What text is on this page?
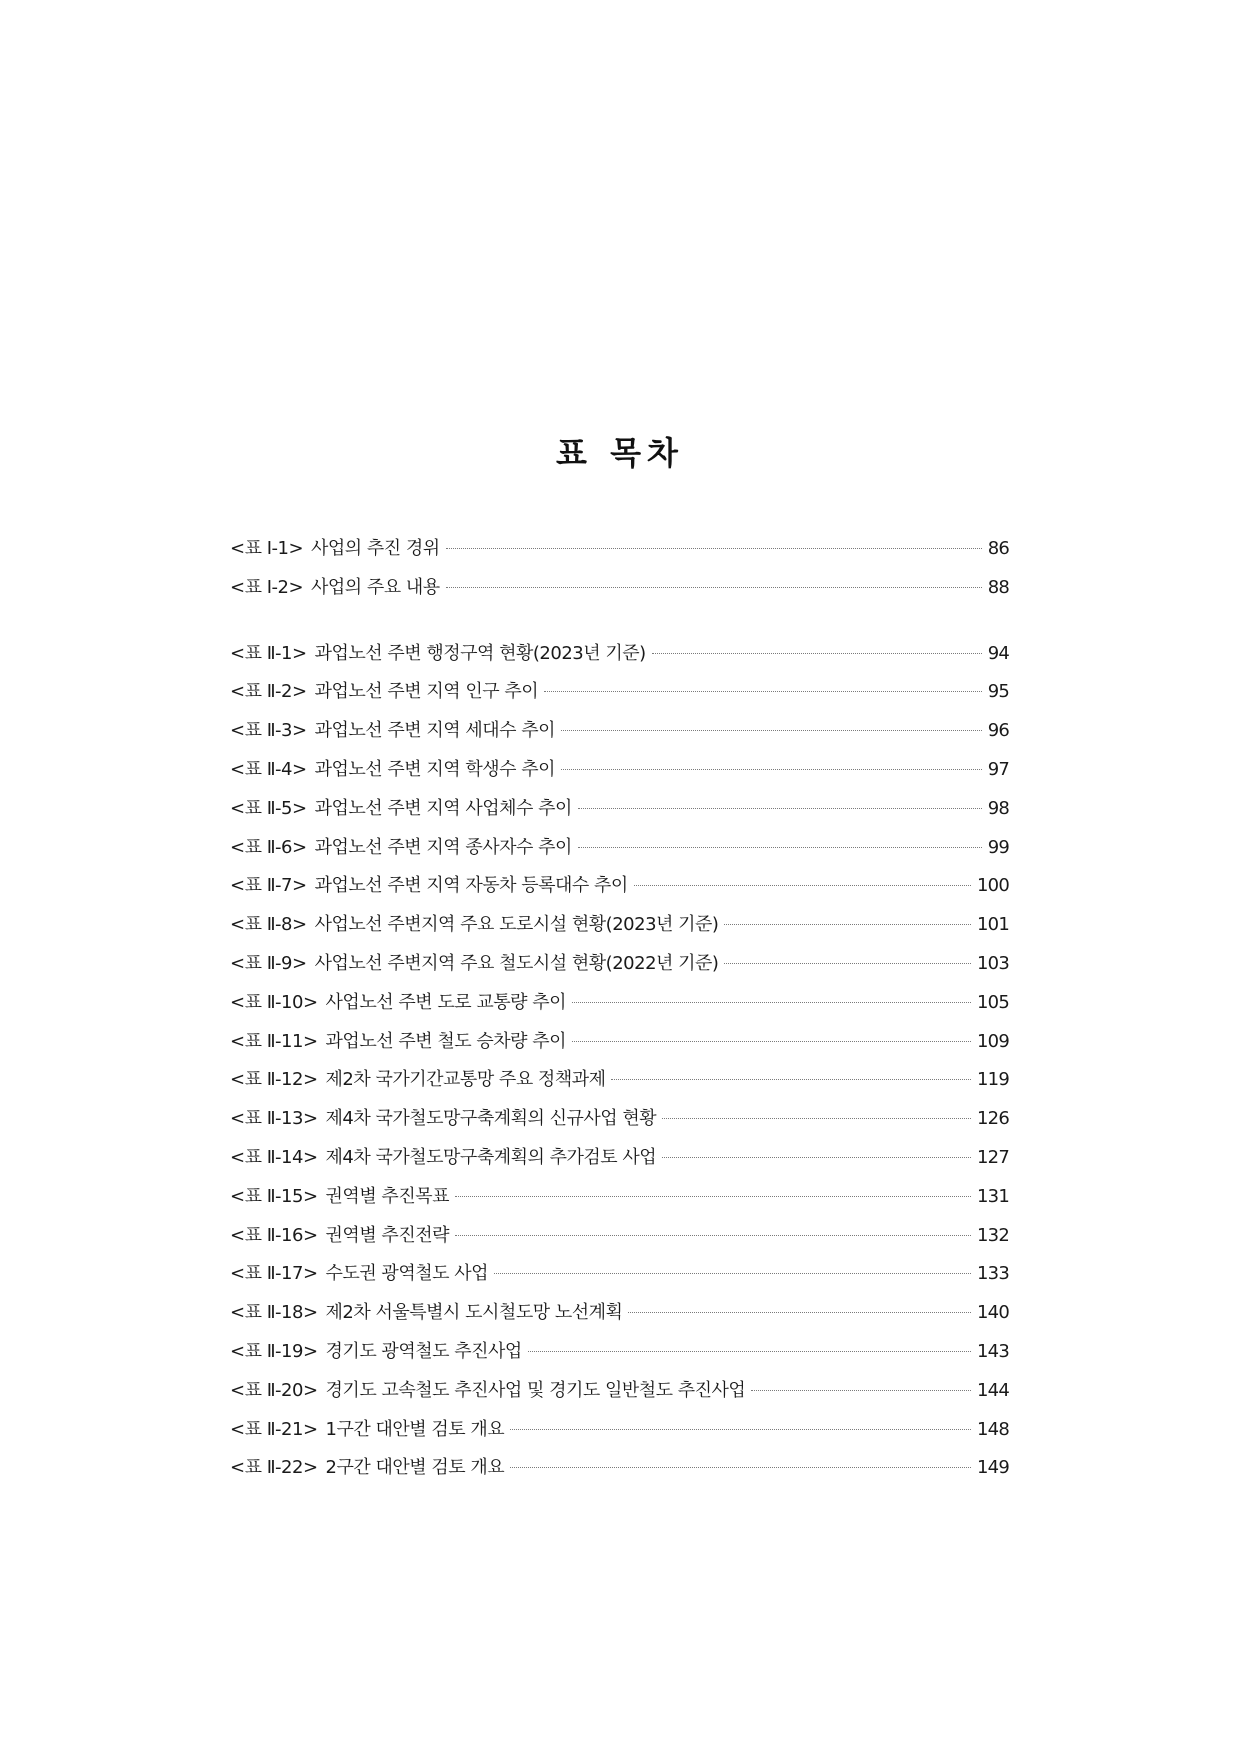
표 목차
<표 Ⅰ-1> 사업의 추진 경위	86
<표 Ⅰ-2> 사업의 주요 내용	88
<표 Ⅱ-1> 과업노선 주변 행정구역 현황(2023년 기준)	94
<표 Ⅱ-2> 과업노선 주변 지역 인구 추이	95
<표 Ⅱ-3> 과업노선 주변 지역 세대수 추이	96
<표 Ⅱ-4> 과업노선 주변 지역 학생수 추이	97
<표 Ⅱ-5> 과업노선 주변 지역 사업체수 추이	98
<표 Ⅱ-6> 과업노선 주변 지역 종사자수 추이	99
<표 Ⅱ-7> 과업노선 주변 지역 자동차 등록대수 추이	100
<표 Ⅱ-8> 사업노선 주변지역 주요 도로시설 현황(2023년 기준)	101
<표 Ⅱ-9> 사업노선 주변지역 주요 철도시설 현황(2022년 기준)	103
<표 Ⅱ-10> 사업노선 주변 도로 교통량 추이	105
<표 Ⅱ-11> 과업노선 주변 철도 승차량 추이	109
<표 Ⅱ-12> 제2차 국가기간교통망 주요 정책과제	119
<표 Ⅱ-13> 제4차 국가철도망구축계획의 신규사업 현황	126
<표 Ⅱ-14> 제4차 국가철도망구축계획의 추가검토 사업	127
<표 Ⅱ-15> 권역별 추진목표	131
<표 Ⅱ-16> 권역별 추진전략	132
<표 Ⅱ-17> 수도권 광역철도 사업	133
<표 Ⅱ-18> 제2차 서울특별시 도시철도망 노선계획	140
<표 Ⅱ-19> 경기도 광역철도 추진사업	143
<표 Ⅱ-20> 경기도 고속철도 추진사업 및 경기도 일반철도 추진사업	144
<표 Ⅱ-21> 1구간 대안별 검토 개요	148
<표 Ⅱ-22> 2구간 대안별 검토 개요	149
